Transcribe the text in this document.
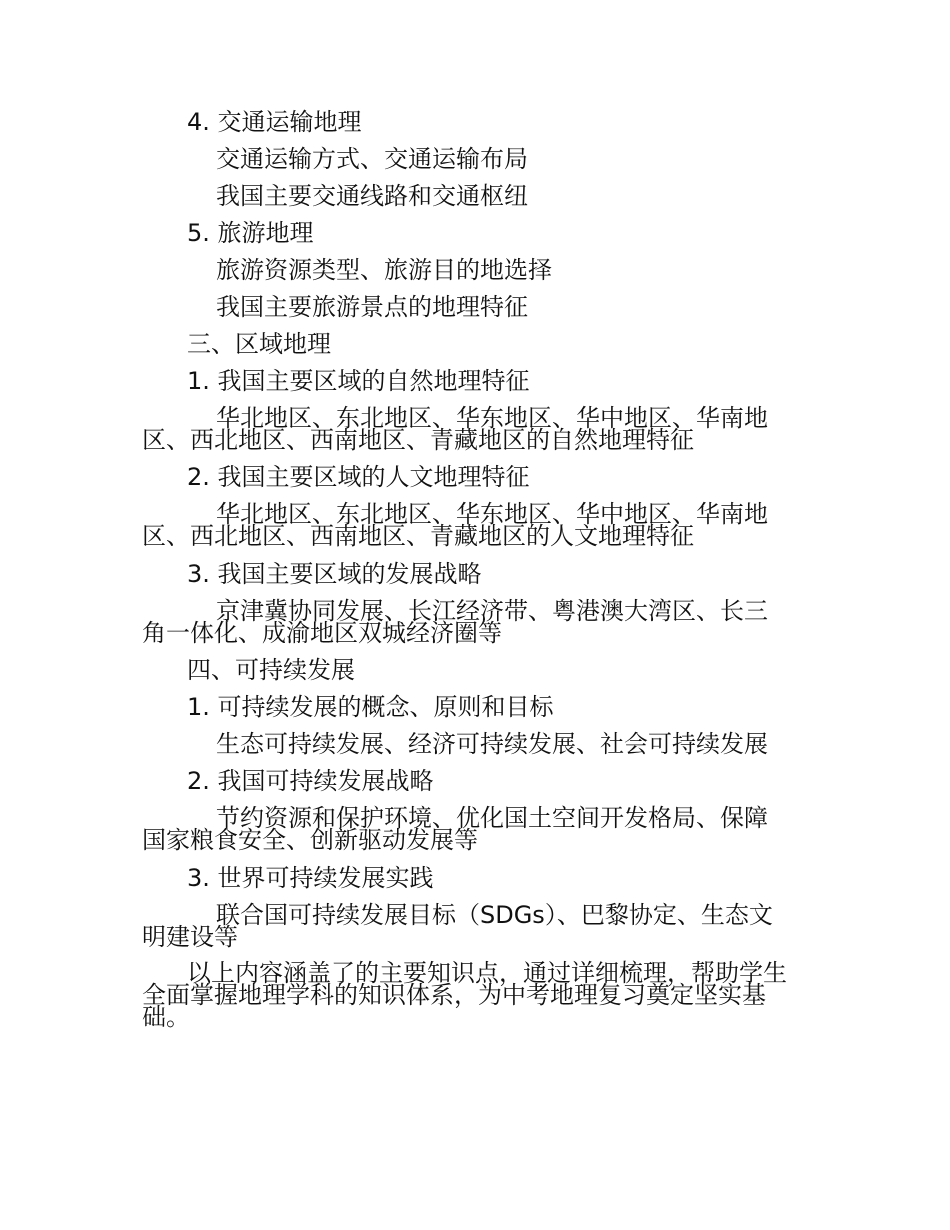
4. 交通运输地理
交通运输方式、交通运输布局
我国主要交通线路和交通枢纽
5. 旅游地理
旅游资源类型、旅游目的地选择
我国主要旅游景点的地理特征
三、区域地理
1. 我国主要区域的自然地理特征
华北地区、东北地区、华东地区、华中地区、华南地
区、西北地区、西南地区、青藏地区的自然地理特征
2. 我国主要区域的人文地理特征
华北地区、东北地区、华东地区、华中地区、华南地
区、西北地区、西南地区、青藏地区的人文地理特征
3. 我国主要区域的发展战略
京津冀协同发展、长江经济带、粤港澳大湾区、长三
角一体化、成渝地区双城经济圈等
四、可持续发展
1. 可持续发展的概念、原则和目标
生态可持续发展、经济可持续发展、社会可持续发展
2. 我国可持续发展战略
节约资源和保护环境、优化国土空间开发格局、保障
国家粮食安全、创新驱动发展等
3. 世界可持续发展实践
联合国可持续发展目标（SDGs）、巴黎协定、生态文
明建设等
以上内容涵盖了的主要知识点，通过详细梳理，帮助学生
全面掌握地理学科的知识体系，为中考地理复习奠定坚实基
础。
